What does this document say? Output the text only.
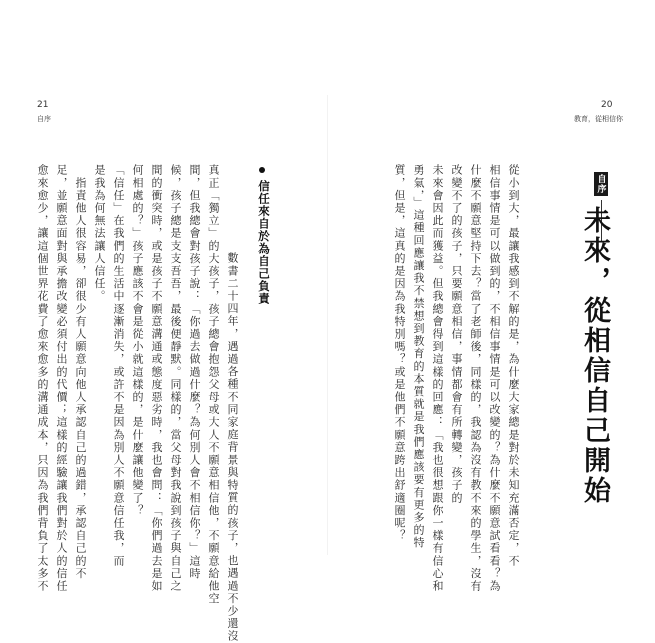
21
自序
信任來自於為自己負責
數書二十四年，遇過各種不同家庭背景與特質的孩子，也遇過不少還沒
真正「獨立」的大孩子，孩子總會抱怨父母或大人不願意相信他，不願意給他空
間，但我總會對孩子說：「你過去做過什麼？為何別人會不相信你？」這時
候，孩子總是支支吾吾，最後便靜默。同樣的，當父母對我說到孩子與自己之
間的衝突時，或是孩子不願意溝通或態度惡劣時，我也會問：「你們過去是如
何相處的？」孩子應該不會是從小就這樣的，是什麼讓他變了？
「信任」在我們的生活中逐漸消失，或許不是因為別人不願意信任我，而
是我為何無法讓人信任。
　指責他人很容易，卻很少有人願意向他人承認自己的過錯，承認自己的不
足，並願意面對與承擔改變必須付出的代價；這樣的經驗讓我們對於人的信任
愈來愈少，讓這個世界花費了愈來愈多的溝通成本，只因為我們背負了太多不
20
教育，從相信你
自序
未來，從相信自己開始
從小到大，最讓我感到不解的是，為什麼大家總是對於未知充滿否定，不
相信事情是可以做到的，不相信事情是可以改變的？為什麼不願意試看看？為
什麼不願意堅持下去？當了老師後，同樣的，我認為沒有教不來的學生，沒有
改變不了的孩子，只要願意相信，事情都會有所轉變，孩子的
未來會因此而獲益。但我總會得到這樣的回應：「我也很想跟你一樣有信心和
勇氣，」這種回應讓我不禁想到教育的本質就是我們應該要有更多的特
質，但是，這真的是因為我特別嗎？或是他們不願意跨出舒適圈呢？
